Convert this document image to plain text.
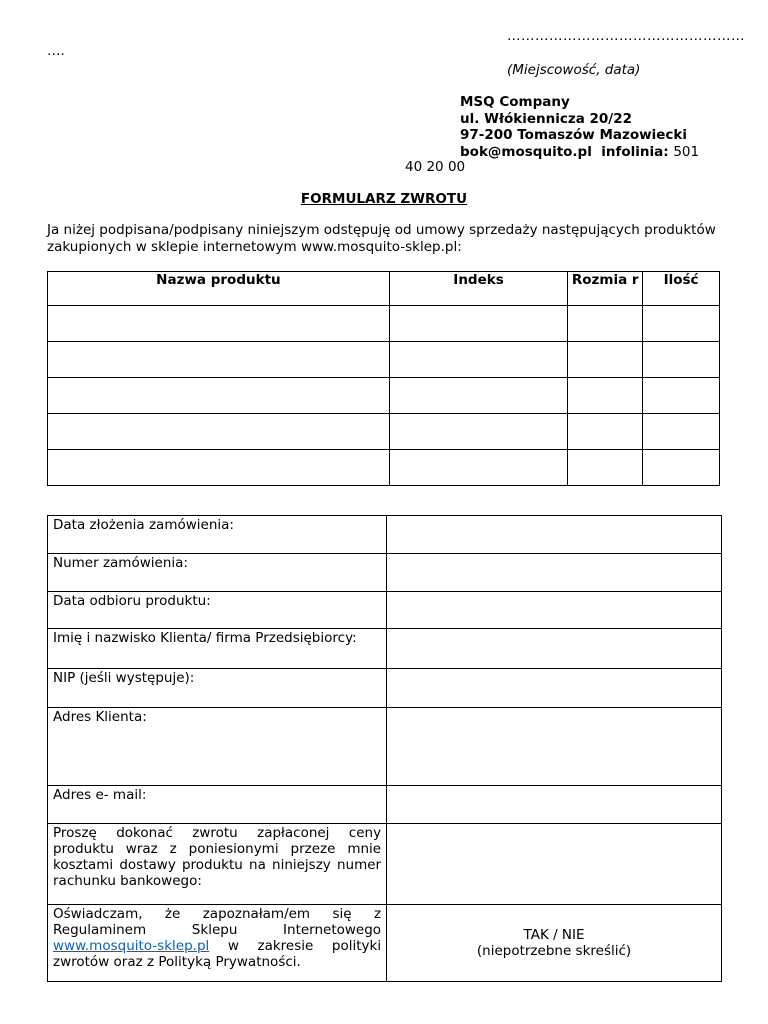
……………………………………………
….
(Miejscowość, data)
MSQ Company
ul. Włókiennicza 20/22
97-200 Tomaszów Mazowiecki
bok@mosquito.pl infolinia: 501
40 20 00
FORMULARZ ZWROTU
Ja niżej podpisana/podpisany niniejszym odstępuję od umowy sprzedaży następujących produktów zakupionych w sklepie internetowym www.mosquito-sklep.pl:
Nazwa produktu	Indeks	Rozmia r	Ilość

Data złożenia zamówienia:	
Numer zamówienia:	
Data odbioru produktu:	
Imię i nazwisko Klienta/ firma Przedsiębiorcy:	
NIP (jeśli występuje):	
Adres Klienta:	
Adres e- mail:	
Proszę dokonać zwrotu zapłaconej ceny produktu wraz z poniesionymi przeze mnie kosztami dostawy produktu na niniejszy numer rachunku bankowego:	
Oświadczam, że zapoznałam/em się z Regulaminem Sklepu Internetowego www.mosquito-sklep.pl w zakresie polityki zwrotów oraz z Polityką Prywatności.	TAK / NIE
(niepotrzebne skreślić)
